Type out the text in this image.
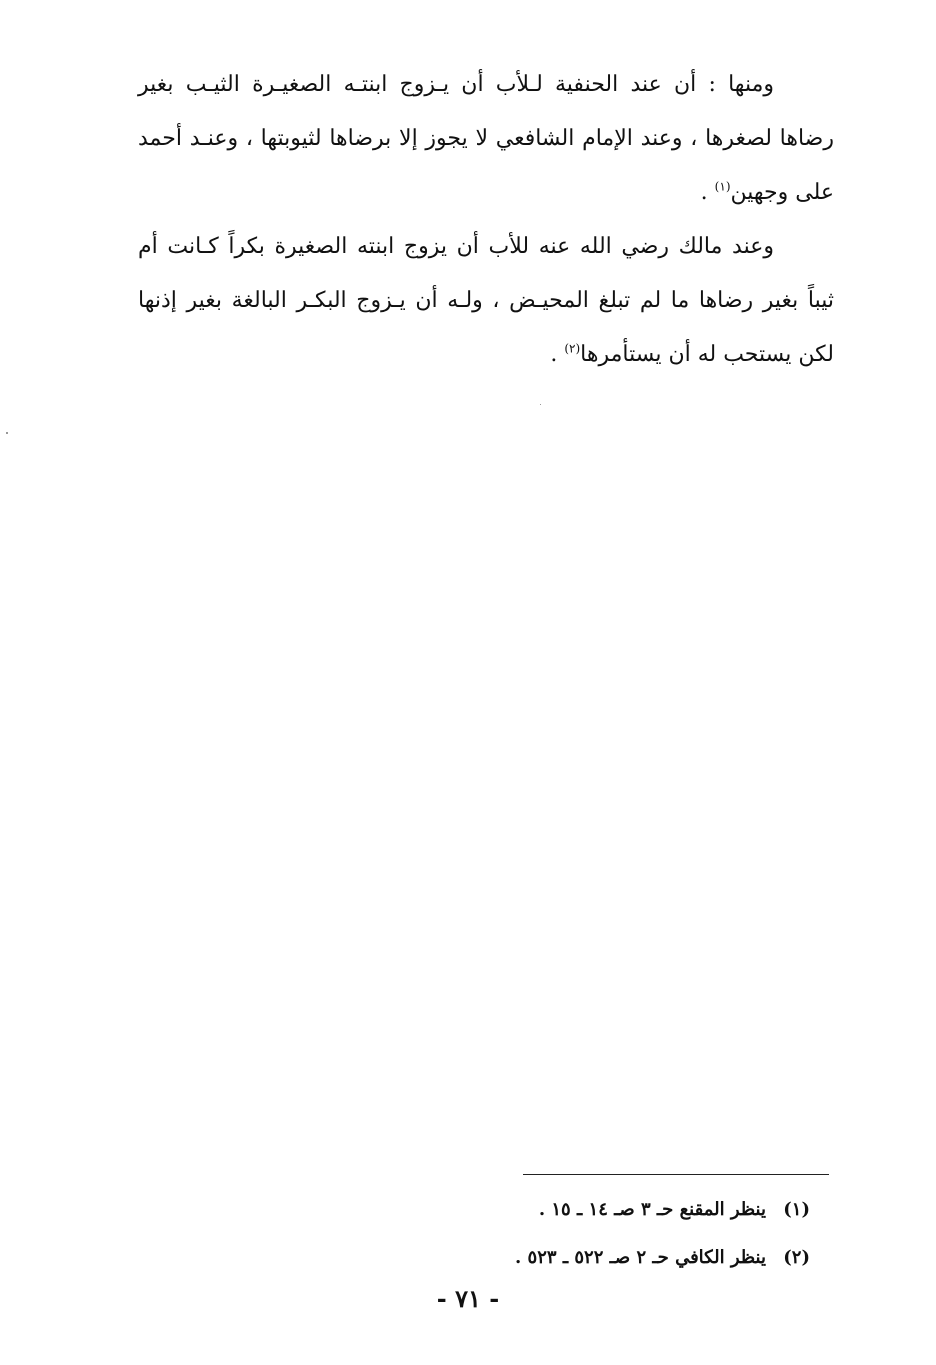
ومنها : أن عند الحنفية لـلأب أن يـزوج ابنتـه الصغيـرة الثيـب بغير رضاها لصغرها ، وعند الإمام الشافعي لا يجوز إلا برضاها لثيوبتها ، وعنـد أحمد على وجهين$^{(١)}$ .

وعند مالك رضي الله عنه للأب أن يزوج ابنته الصغيرة بكراً كـانت أم ثيباً بغير رضاها ما لم تبلغ المحيـض ، ولـه أن يـزوج البكـر البالغة بغير إذنها لكن يستحب له أن يستأمرها$^{(٢)}$ .

(١)
ينظر المقنع حـ ٣ صـ ١٤ ـ ١٥ .
(٢)
ينظر الكافي حـ ٢ صـ ٥٢٢ ـ ٥٢٣ .
- ٧١ -
